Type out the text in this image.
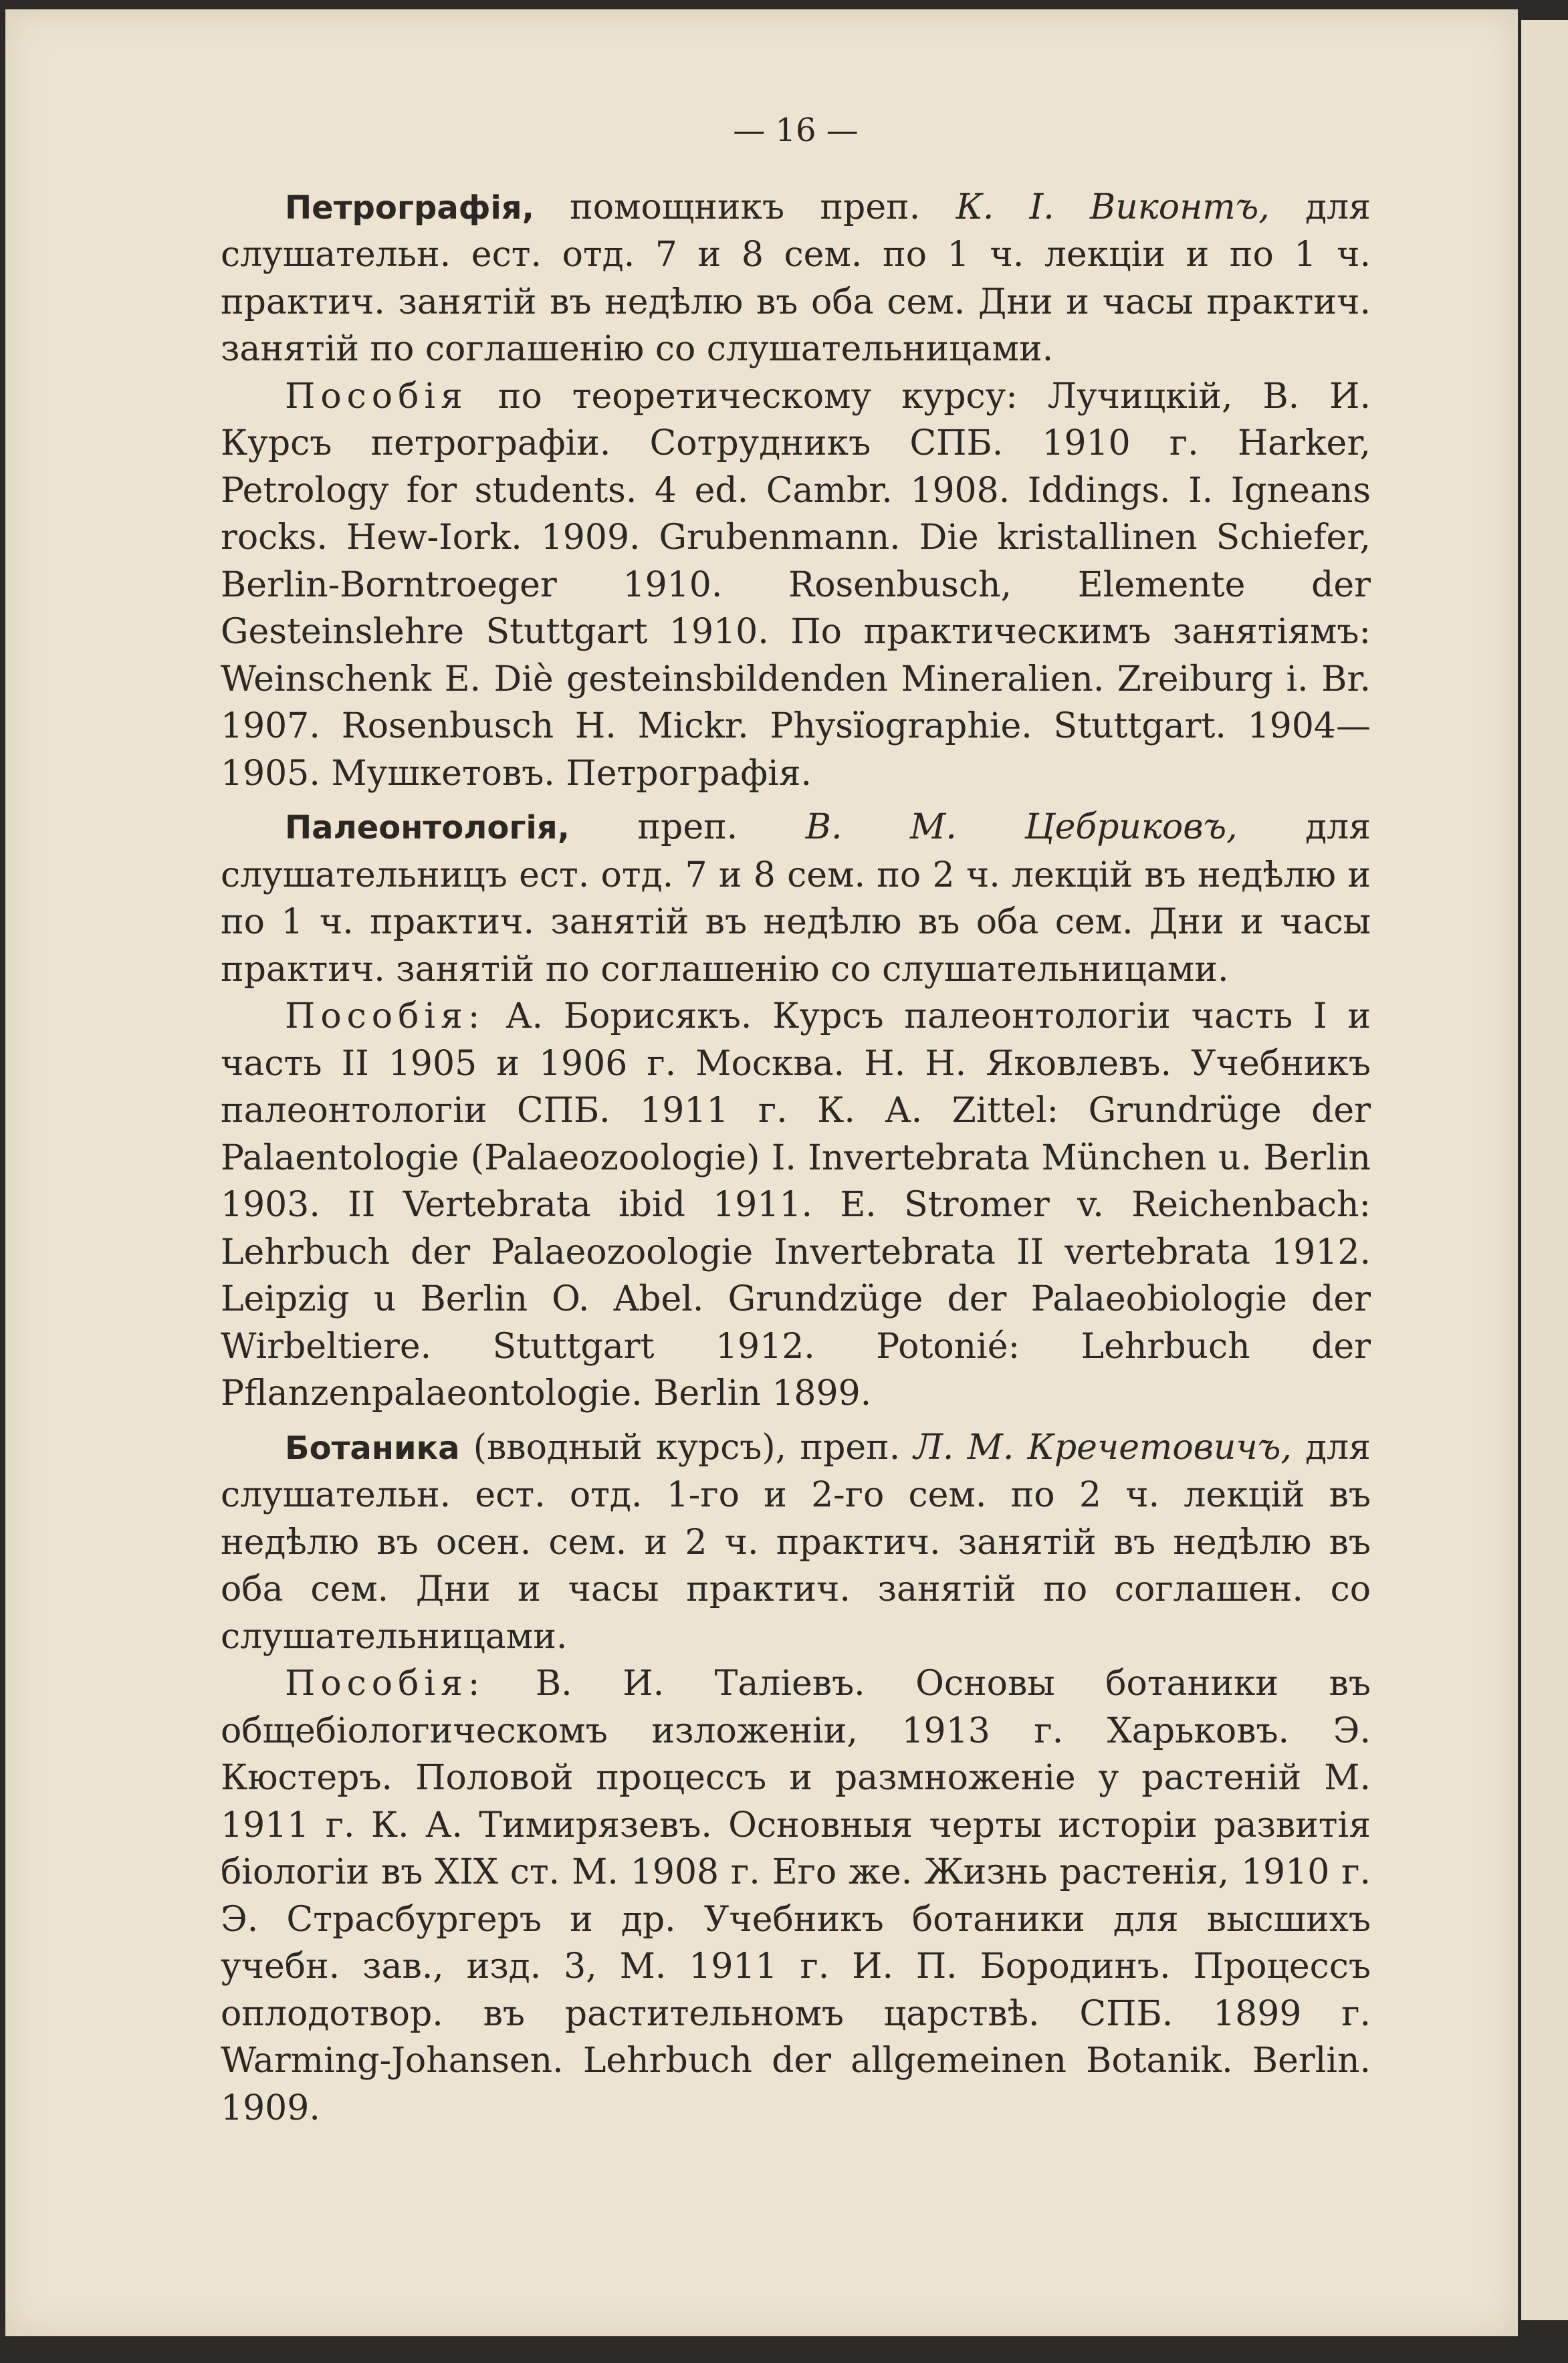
— 16 —

Петрографія, помощникъ преп. К. І. Виконтъ, для слушательн. ест. отд. 7 и 8 сем. по 1 ч. лекціи и по 1 ч. практич. занятій въ недѣлю въ оба сем. Дни и часы практич. занятій по соглашенію со слушательницами.

Пособія по теоретическому курсу: Лучицкій, В. И. Курсъ петрографіи. Сотрудникъ СПБ. 1910 г. Harker, Petrology for students. 4 ed. Cambr. 1908. Iddings. I. Igneans rocks. Hew-Iork. 1909. Grubenmann. Die kristallinen Schiefer, Berlin-Borntroeger 1910. Rosenbusch, Elemente der Gesteinslehre Stuttgart 1910. По практическимъ занятіямъ: Weinschenk E. Diè gesteinsbildenden Mineralien. Zreiburg i. Br. 1907. Rosenbusch H. Mickr. Physïographie. Stuttgart. 1904—1905. Мушкетовъ. Петрографія.

Палеонтологія, преп. В. М. Цебриковъ, для слушательницъ ест. отд. 7 и 8 сем. по 2 ч. лекцій въ недѣлю и по 1 ч. практич. занятій въ недѣлю въ оба сем. Дни и часы практич. занятій по соглашенію со слушательницами.

Пособія: А. Борисякъ. Курсъ палеонтологіи часть I и часть II 1905 и 1906 г. Москва. Н. Н. Яковлевъ. Учебникъ палеонтологіи СПБ. 1911 г. К. А. Zittel: Grundrüge der Palaentologie (Palaeozoologie) I. Invertebrata München u. Berlin 1903. II Vertebrata ibid 1911. E. Stromer v. Reichenbach: Lehrbuch der Palaeozoologie Invertebrata II vertebrata 1912. Leipzig u Berlin O. Abel. Grundzüge der Palaeobiologie der Wirbeltiere. Stuttgart 1912. Potonié: Lehrbuch der Pflanzenpalaeontologie. Berlin 1899.

Ботаника (вводный курсъ), преп. Л. М. Кречетовичъ, для слушательн. ест. отд. 1-го и 2-го сем. по 2 ч. лекцій въ недѣлю въ осен. сем. и 2 ч. практич. занятій въ недѣлю въ оба сем. Дни и часы практич. занятій по соглашен. со слушательницами.

Пособія: В. И. Таліевъ. Основы ботаники въ общебіологическомъ изложеніи, 1913 г. Харьковъ. Э. Кюстеръ. Половой процессъ и размноженіе у растеній М. 1911 г. К. А. Тимирязевъ. Основныя черты исторіи развитія біологіи въ XIX ст. М. 1908 г. Его же. Жизнь растенія, 1910 г. Э. Страсбургеръ и др. Учебникъ ботаники для высшихъ учебн. зав., изд. 3, М. 1911 г. И. П. Бородинъ. Процессъ оплодотвор. въ растительномъ царствѣ. СПБ. 1899 г. Warming-Johansen. Lehrbuch der allgemeinen Botanik. Berlin. 1909.
